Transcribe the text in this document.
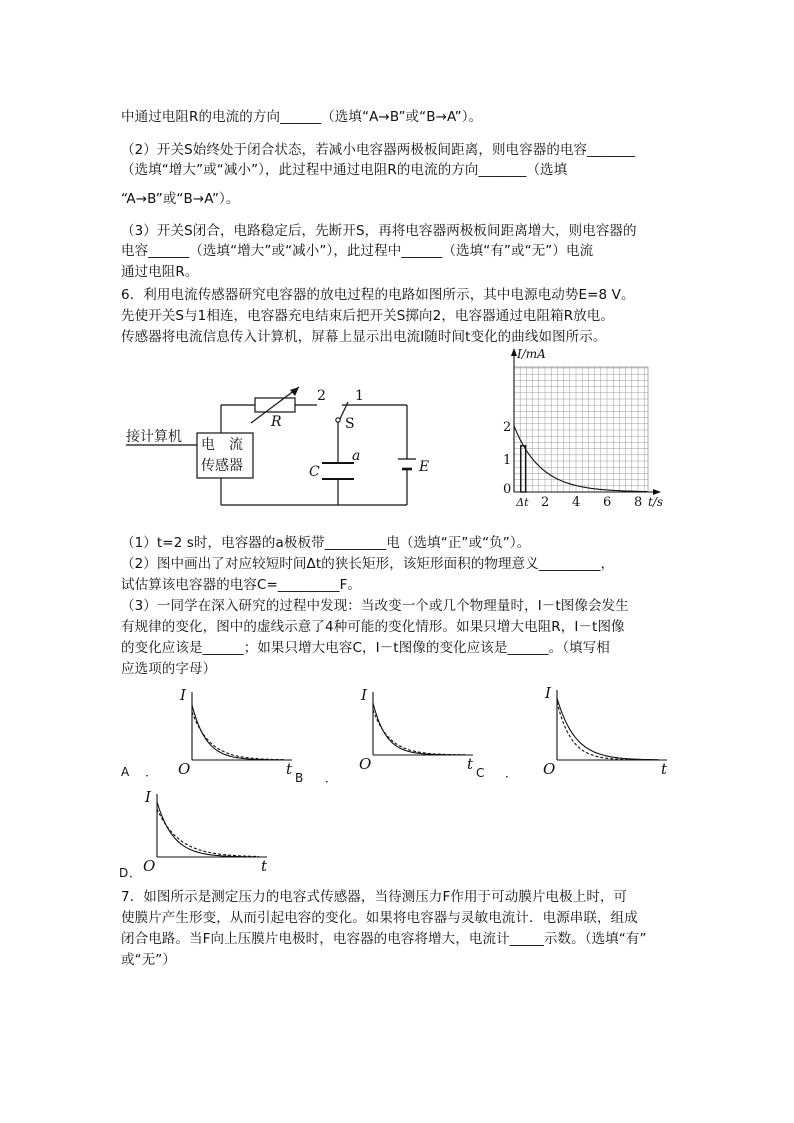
中通过电阻R的电流的方向______（选填“A→B”或“B→A”）。
（2）开关S始终处于闭合状态，若减小电容器两极板间距离，则电容器的电容_______
（选填“增大”或“减小”），此过程中通过电阻R的电流的方向_______（选填
“A→B”或“B→A”）。
（3）开关S闭合，电路稳定后，先断开S，再将电容器两极板间距离增大，则电容器的
电容______（选填“增大”或“减小”），此过程中______（选填“有”或“无”）电流
通过电阻R。
6．利用电流传感器研究电容器的放电过程的电路如图所示，其中电源电动势E=8 V。
先使开关S与1相连，电容器充电结束后把开关S掷向2，电容器通过电阻箱R放电。
传感器将电流信息传入计算机，屏幕上显示出电流I随时间t变化的曲线如图所示。
接计算机 电　流
传感器
R
2 1
S
C
a
E
2 4 6 8
1
2
0
Δt
I/mA
t/s
（1）t=2 s时，电容器的a极板带_________电（选填“正”或“负”）。
（2）图中画出了对应较短时间Δt的狭长矩形，该矩形面积的物理意义_________，
试估算该电容器的电容C=_________F。
（3）一同学在深入研究的过程中发现：当改变一个或几个物理量时，I－t图像会发生
有规律的变化，图中的虚线示意了4种可能的变化情形。如果只增大电阻R，I－t图像
的变化应该是______；如果只增大电容C，I－t图像的变化应该是______。（填写相
应选项的字母）
I
O	t
A ．
I
O	t
B ．
I
O	t
C ．
I
O	t
D ．
7．如图所示是测定压力的电容式传感器，当待测压力F作用于可动膜片电极上时，可
使膜片产生形变，从而引起电容的变化。如果将电容器与灵敏电流计．电源串联，组成
闭合电路。当F向上压膜片电极时，电容器的电容将增大，电流计_____示数。（选填“有”
或“无”）
